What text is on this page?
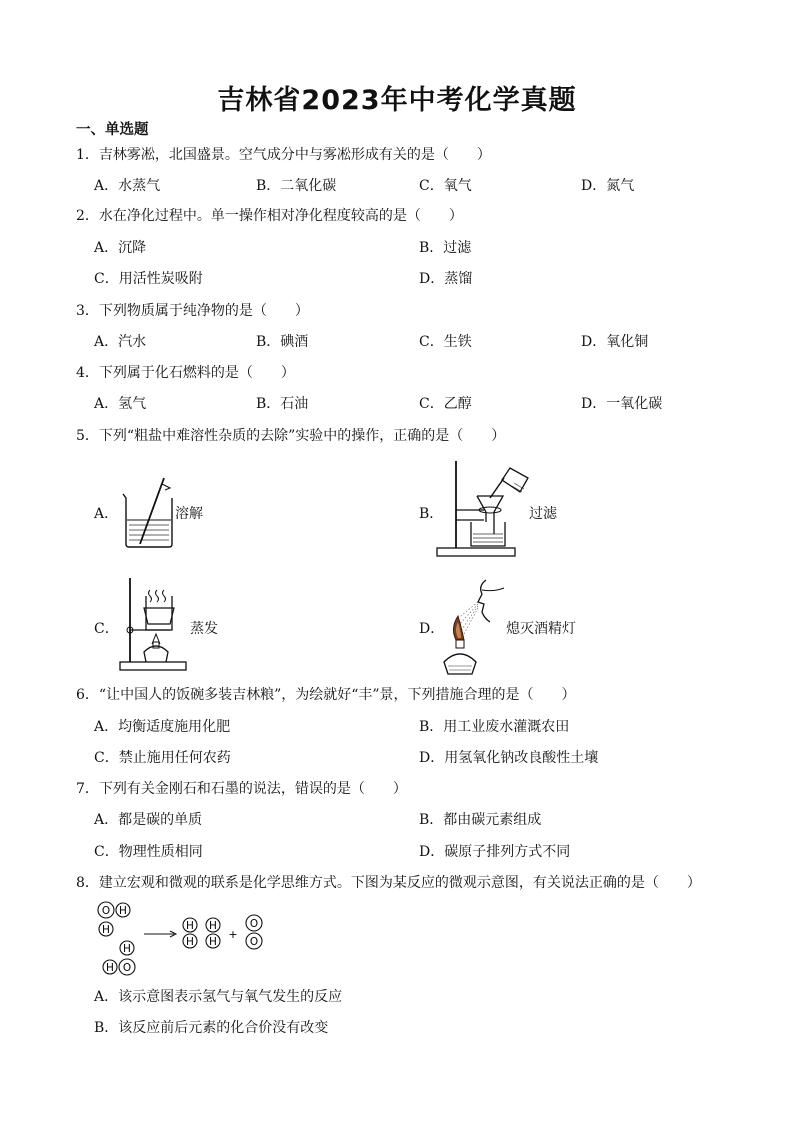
吉林省2023年中考化学真题
一、单选题
1．吉林雾凇，北国盛景。空气成分中与雾凇形成有关的是（　　）
A．水蒸气	B．二氧化碳	C．氧气	D．氮气
2．水在净化过程中。单一操作相对净化程度较高的是（　　）
A．沉降	B．过滤
C．用活性炭吸附	D．蒸馏
3．下列物质属于纯净物的是（　　）
A．汽水	B．碘酒	C．生铁	D．氧化铜
4．下列属于化石燃料的是（　　）
A．氢气	B．石油	C．乙醇	D．一氧化碳
5．下列“粗盐中难溶性杂质的去除”实验中的操作，正确的是（　　）
A．	溶解	B．	过滤
C．	蒸发	D．	熄灭酒精灯
6．“让中国人的饭碗多装吉林粮”，为绘就好“丰”景，下列措施合理的是（　　）
A．均衡适度施用化肥	B．用工业废水灌溉农田
C．禁止施用任何农药	D．用氢氧化钠改良酸性土壤
7．下列有关金刚石和石墨的说法，错误的是（　　）
A．都是碳的单质	B．都由碳元素组成
C．物理性质相同	D．碳原子排列方式不同
8．建立宏观和微观的联系是化学思维方式。下图为某反应的微观示意图，有关说法正确的是（　　）
O H
H
H
H O
H
H
H
H
+
O
O
A．该示意图表示氢气与氧气发生的反应
B．该反应前后元素的化合价没有改变
